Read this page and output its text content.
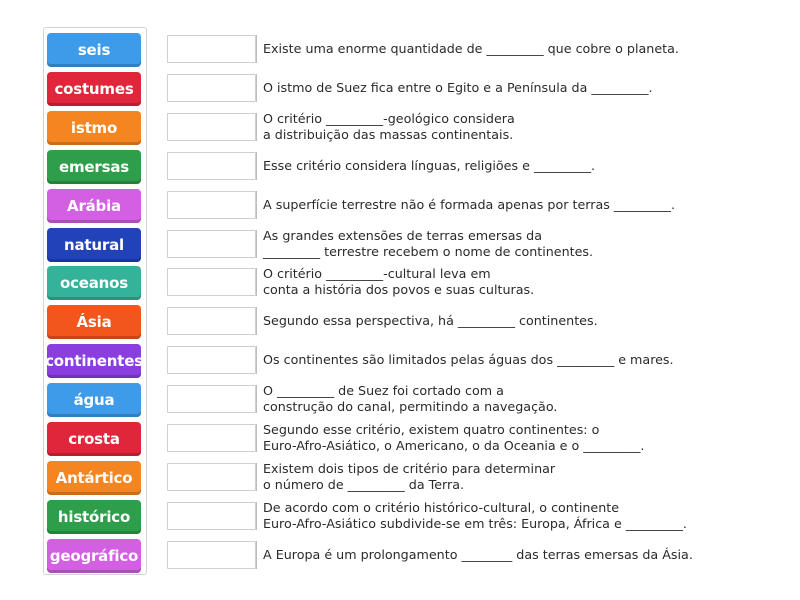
seis
costumes
istmo
emersas
Arábia
natural
oceanos
Ásia
continentes
água
crosta
Antártico
histórico
geográfico
Existe uma enorme quantidade de _________ que cobre o planeta.
O istmo de Suez fica entre o Egito e a Península da _________.
O critério _________-geológico considera
a distribuição das massas continentais.
Esse critério considera línguas, religiões e _________.
A superfície terrestre não é formada apenas por terras _________.
As grandes extensões de terras emersas da
_________ terrestre recebem o nome de continentes.
O critério _________-cultural leva em
conta a história dos povos e suas culturas.
Segundo essa perspectiva, há _________ continentes.
Os continentes são limitados pelas águas dos _________ e mares.
O _________ de Suez foi cortado com a
construção do canal, permitindo a navegação.
Segundo esse critério, existem quatro continentes: o
Euro-Afro-Asiático, o Americano, o da Oceania e o _________.
Existem dois tipos de critério para determinar
o número de _________ da Terra.
De acordo com o critério histórico-cultural, o continente
Euro-Afro-Asiático subdivide-se em três: Europa, África e _________.
A Europa é um prolongamento ________ das terras emersas da Ásia.
